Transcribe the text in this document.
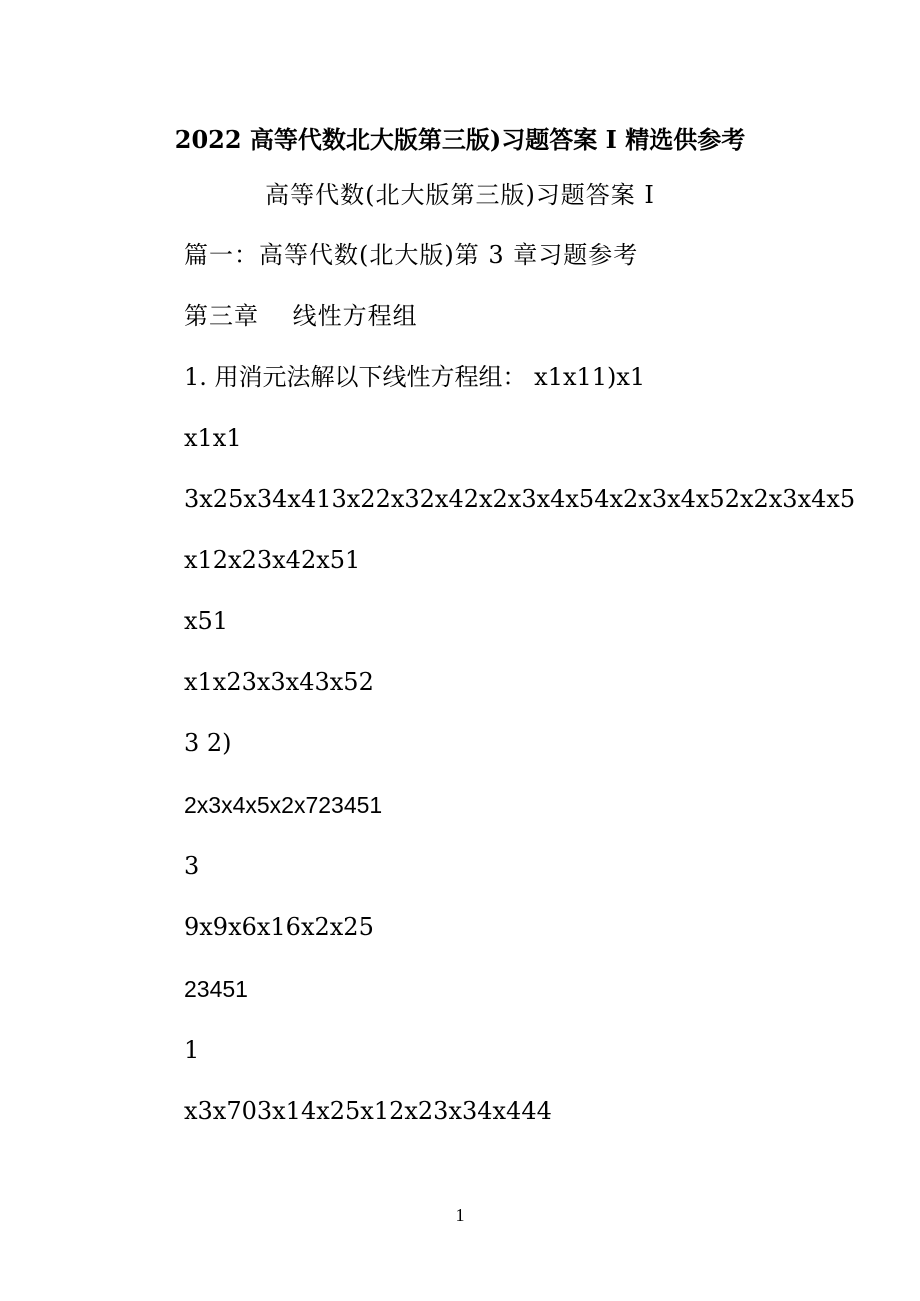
2022 高等代数北大版第三版)习题答案 I 精选供参考
高等代数(北大版第三版)习题答案 I
篇一：高等代数(北大版)第 3 章习题参考
第三章　 线性方程组
1. 用消元法解以下线性方程组： x1x11)x1
x1x1
3x25x34x413x22x32x42x2x3x4x54x2x3x4x52x2x3x4x5
x12x23x42x51
x51
x1x23x3x43x52
3 2)
2x3x4x5x2x723451
3
9x9x6x16x2x25
23451
1
x3x703x14x25x12x23x34x444
1
